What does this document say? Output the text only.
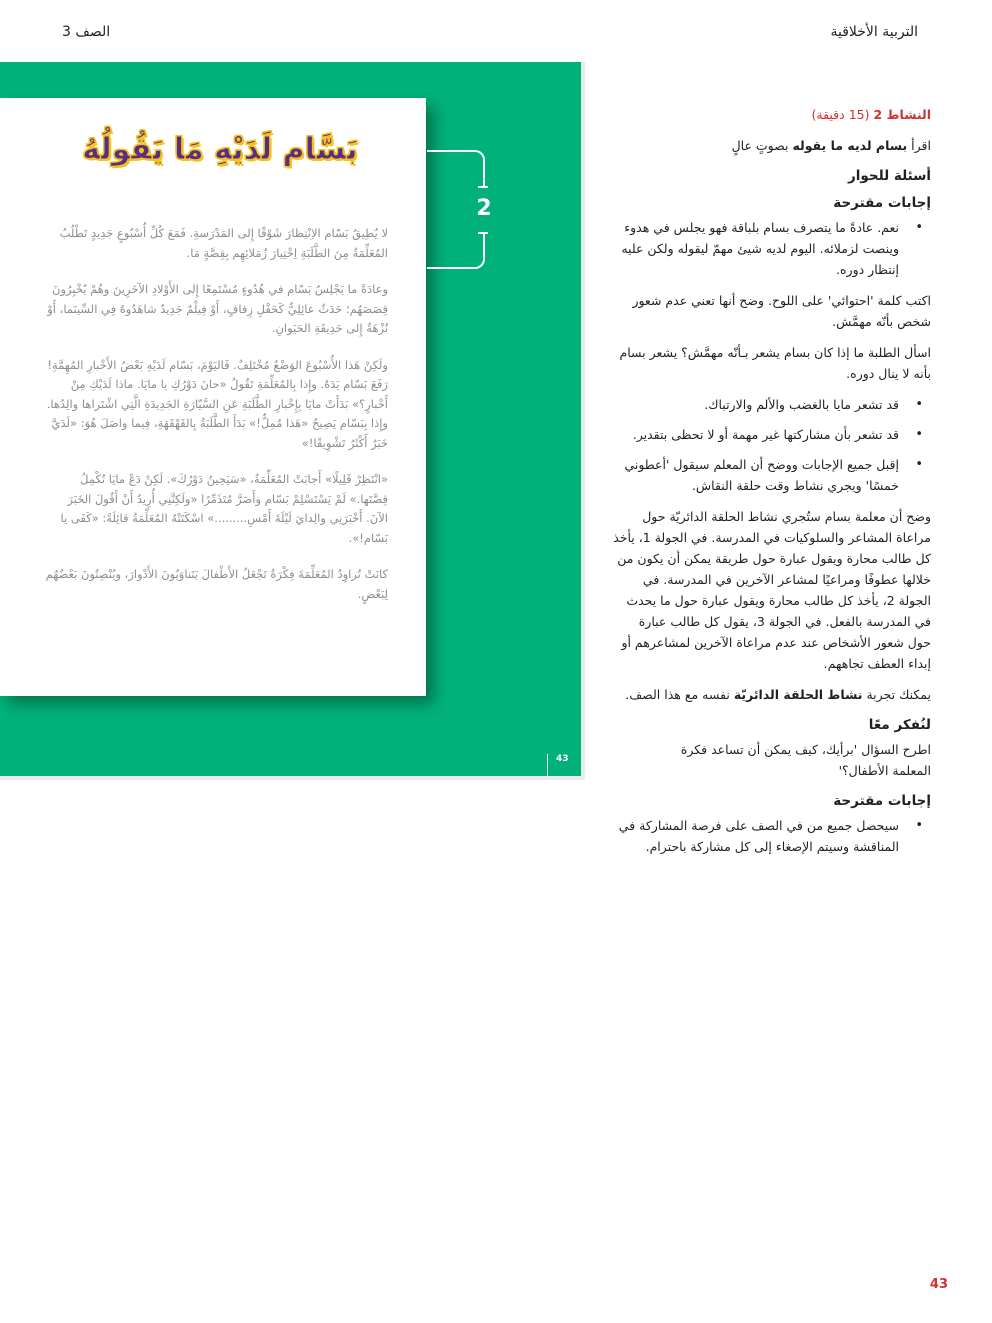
التربية الأخلاقية
الصف 3
بَسَّام لَدَيْهِ مَا يَقُولُهُ

لا يُطِيقُ بَسّام الاِنْتِظارَ شَوْقًا إِلى المَدْرَسةِ. فَمَعَ كُلِّ أُسْبُوعٍ جَدِيدٍ تَطْلُبُ المُعَلِّمَةُ مِنَ الطَّلَبَةِ اِخْتِيارَ زُمَلائِهِم بِقِصَّةٍ مَا.

وعادَةً ما يَجْلِسُ بَسّام في هُدُوءٍ مُسْتَمِعًا إِلى الأَوْلادِ الآخَرِينَ وهُمْ يُخْبِرُونَ قِصَصَهُم؛ حَدَثٌ عائِلِيٌّ كَحَفْلِ زِفافٍ، أَوْ فِيلْمٌ جَدِيدٌ شاهَدُوهُ فِي السِّينَما، أَوْ نُزْهَةٌ إِلى حَدِيقَةِ الحَيَوانِ.

ولَكِنْ هَذا الأُسْبُوعَ الوَضْعُ مُخْتَلِفٌ. فَاليَوْمَ، بَسّام لَدَيْهِ بَعْضُ الأَخْبارِ المُهِمَّةِ! رَفَعَ بَسّام يَدَهُ. وإِذا بِالمُعَلِّمَةِ تَقُولُ «حانَ دَوْرُكِ يا مايَا. ماذا لَدَيْكِ مِنْ أَخْبارٍ؟» بَدَأَتْ مايَا بِإِخْبارِ الطَّلَبَةِ عَنِ السَّيّارَةِ الجَدِيدَةِ الَّتِي اشْتَراها والِدُها. وإِذا بِبَسّام يَصِيحُ «هَذا مُمِلٌّ!» بَدَأَ الطَّلَبَةُ بِالقَهْقَهَةِ، فِيما واصَلَ هُوَ: «لَدَيَّ خَبَرٌ أَكْثَرُ تَشْوِيقًا!»

«انْتَظِرْ قَلِيلًا» أَجابَتْ المُعَلِّمَةُ، «سَيَحِينُ دَوْرُكَ». لَكِنْ دَعْ مايَا تُكْمِلُ قِصَّتَها.» لَمْ يَسْتَسْلِمْ بَسّام وأَصَرَّ مُتَذَمِّرًا «ولَكِنَّنِي أُرِيدُ أَنْ أَقُولَ الخَبَرَ الآنَ. أَخْبَرَنِي والِدايَ لَيْلَةَ أَمْسِ.........» اسْكَتَتْهُ المُعَلِّمَةُ قائِلَةً: «كَفَى يا بَسّام!».

كانَتْ تُراوِدُ المُعَلِّمَةَ فِكْرَةُ تَجْعَلُ الأَطْفالَ يَتَناوَبُونَ الأَدْوارَ، ويُنْصِتُونَ بَعْضُهُم لِبَعْضٍ.

2
43

النشاط 2 (15 دقيقة)

اقرأ بسام لديه ما يقوله بصوتٍ عالٍ

أسئلة للحوار
إجابات مقترحة
• نعم. عادةً ما يتصرف بسام بلباقة فهو يجلس في هدوء وينصت لزملائه. اليوم لديه شيئ مهمّ ليقوله ولكن عليه إنتظار دوره.

اكتب كلمة 'احتوائي' على اللوح. وضح أنها تعني عدم شعور شخص بأنّه مهمَّش.

اسأل الطلبة ما إذا كان بسام يشعر بـأنّه مهمَّش؟ يشعر بسام بأنه لا ينال دوره.

• قد تشعر مايا بالغضب والألم والارتباك.
• قد تشعر بأن مشاركتها غير مهمة أو لا تحظى بتقدير.
• إقبل جميع الإجابات ووضح أن المعلم سيقول 'أعطوني خمسًا' ويجري نشاط وقت حلقة النقاش.

وضح أن معلمة بسام ستُجري نشاط الحلقة الدائريّة حول مراعاة المشاعر والسلوكيات في المدرسة. في الجولة 1، يأخذ كل طالب محارة ويقول عبارة حول طريقة يمكن أن يكون من خلالها عطوفًا ومراعيًا لمشاعر الآخرين في المدرسة. في الجولة 2، يأخذ كل طالب محارة ويقول عبارة حول ما يحدث في المدرسة بالفعل. في الجولة 3، يقول كل طالب عبارة حول شعور الأشخاص عند عدم مراعاة الآخرين لمشاعرهم أو إبداء العطف تجاههم.

يمكنك تجربة نشاط الحلقة الدائريّة نفسه مع هذا الصف.

لنُفكر معًا

اطرح السؤال 'برأيك، كيف يمكن أن تساعد فكرة المعلمة الأطفال؟'

إجابات مقترحة
• سيحصل جميع من في الصف على فرصة المشاركة في المناقشة وسيتم الإصغاء إلى كل مشاركة باحترام.
43
